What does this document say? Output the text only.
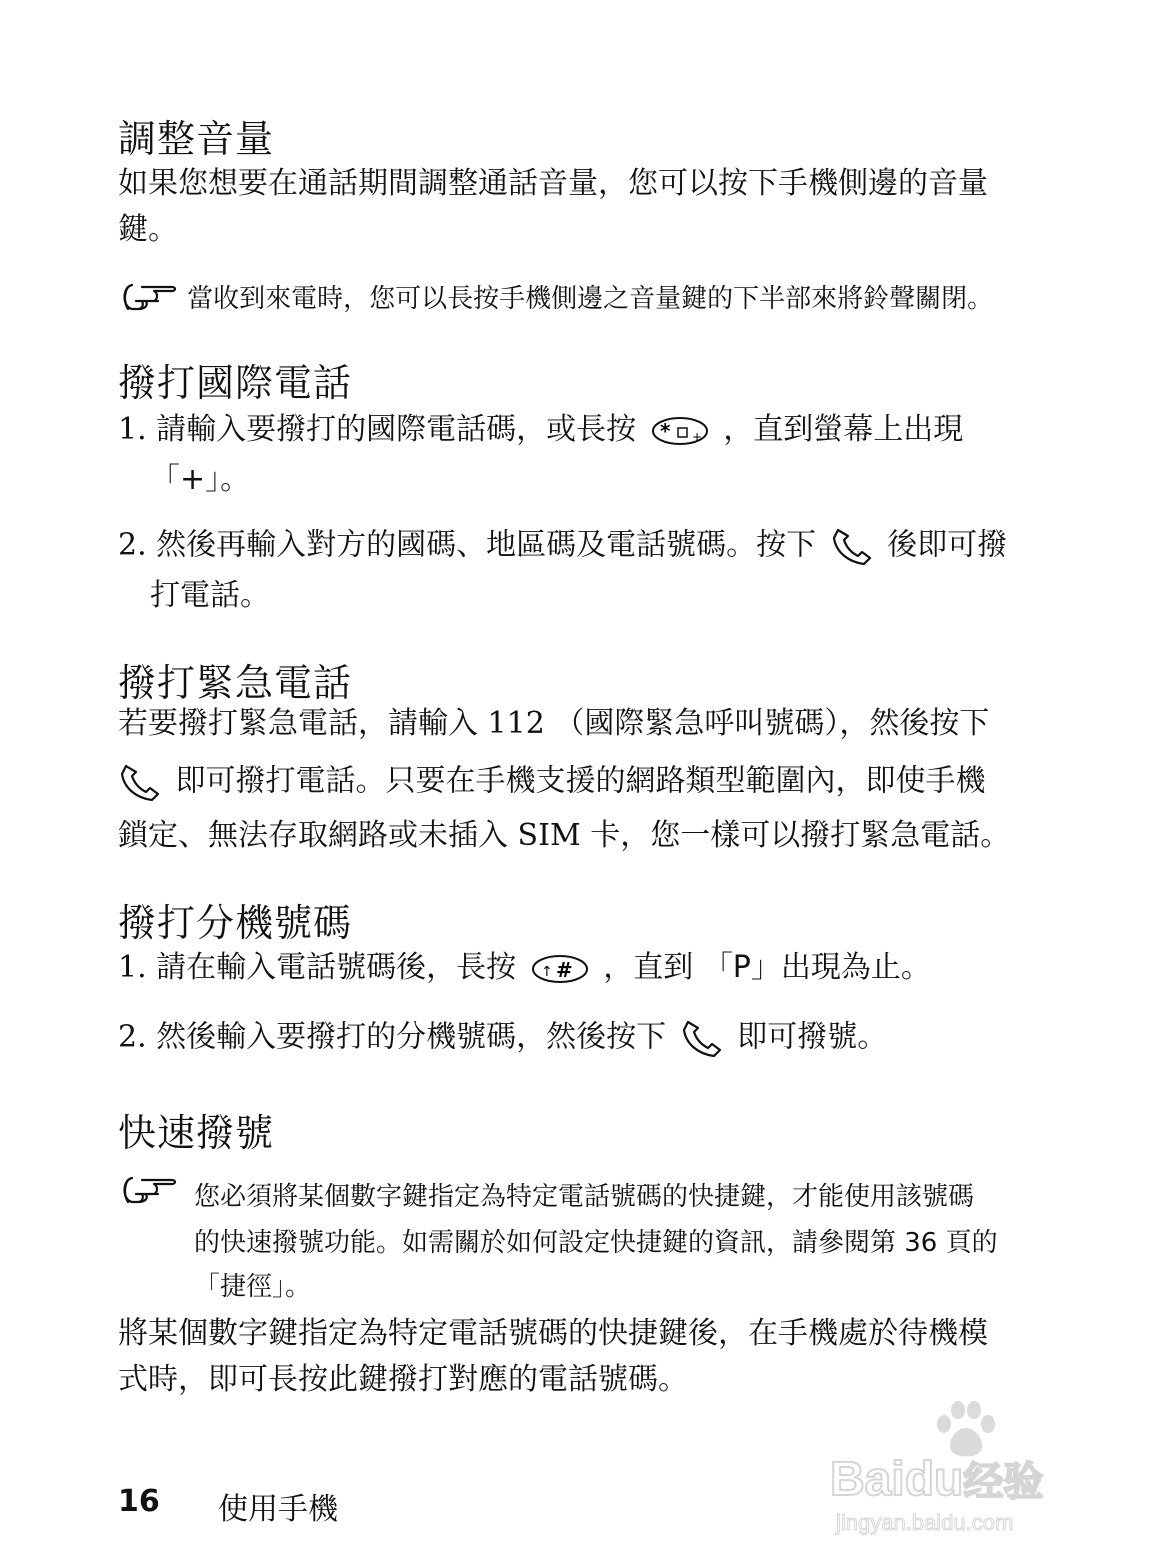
調整音量
如果您想要在通話期間調整通話音量，您可以按下手機側邊的音量
鍵。
當收到來電時，您可以長按手機側邊之音量鍵的下半部來將鈴聲關閉。
撥打國際電話
1. 請輸入要撥打的國際電話碼，或長按 * + ，直到螢幕上出現
「+」。
2. 然後再輸入對方的國碼、地區碼及電話號碼。按下 後即可撥
打電話。
撥打緊急電話
若要撥打緊急電話，請輸入 112 （國際緊急呼叫號碼），然後按下
即可撥打電話。只要在手機支援的網路類型範圍內，即使手機
鎖定、無法存取網路或未插入 SIM 卡，您一樣可以撥打緊急電話。
撥打分機號碼
1. 請在輸入電話號碼後，長按 ↑ # ，直到 「P」出現為止。
2. 然後輸入要撥打的分機號碼，然後按下 即可撥號。
快速撥號
您必須將某個數字鍵指定為特定電話號碼的快捷鍵，才能使用該號碼
的快速撥號功能。如需關於如何設定快捷鍵的資訊，請參閱第 36 頁的
「捷徑」。
將某個數字鍵指定為特定電話號碼的快捷鍵後，在手機處於待機模
式時，即可長按此鍵撥打對應的電話號碼。
16 使用手機
Baidu经验
jingyan.baidu.com
